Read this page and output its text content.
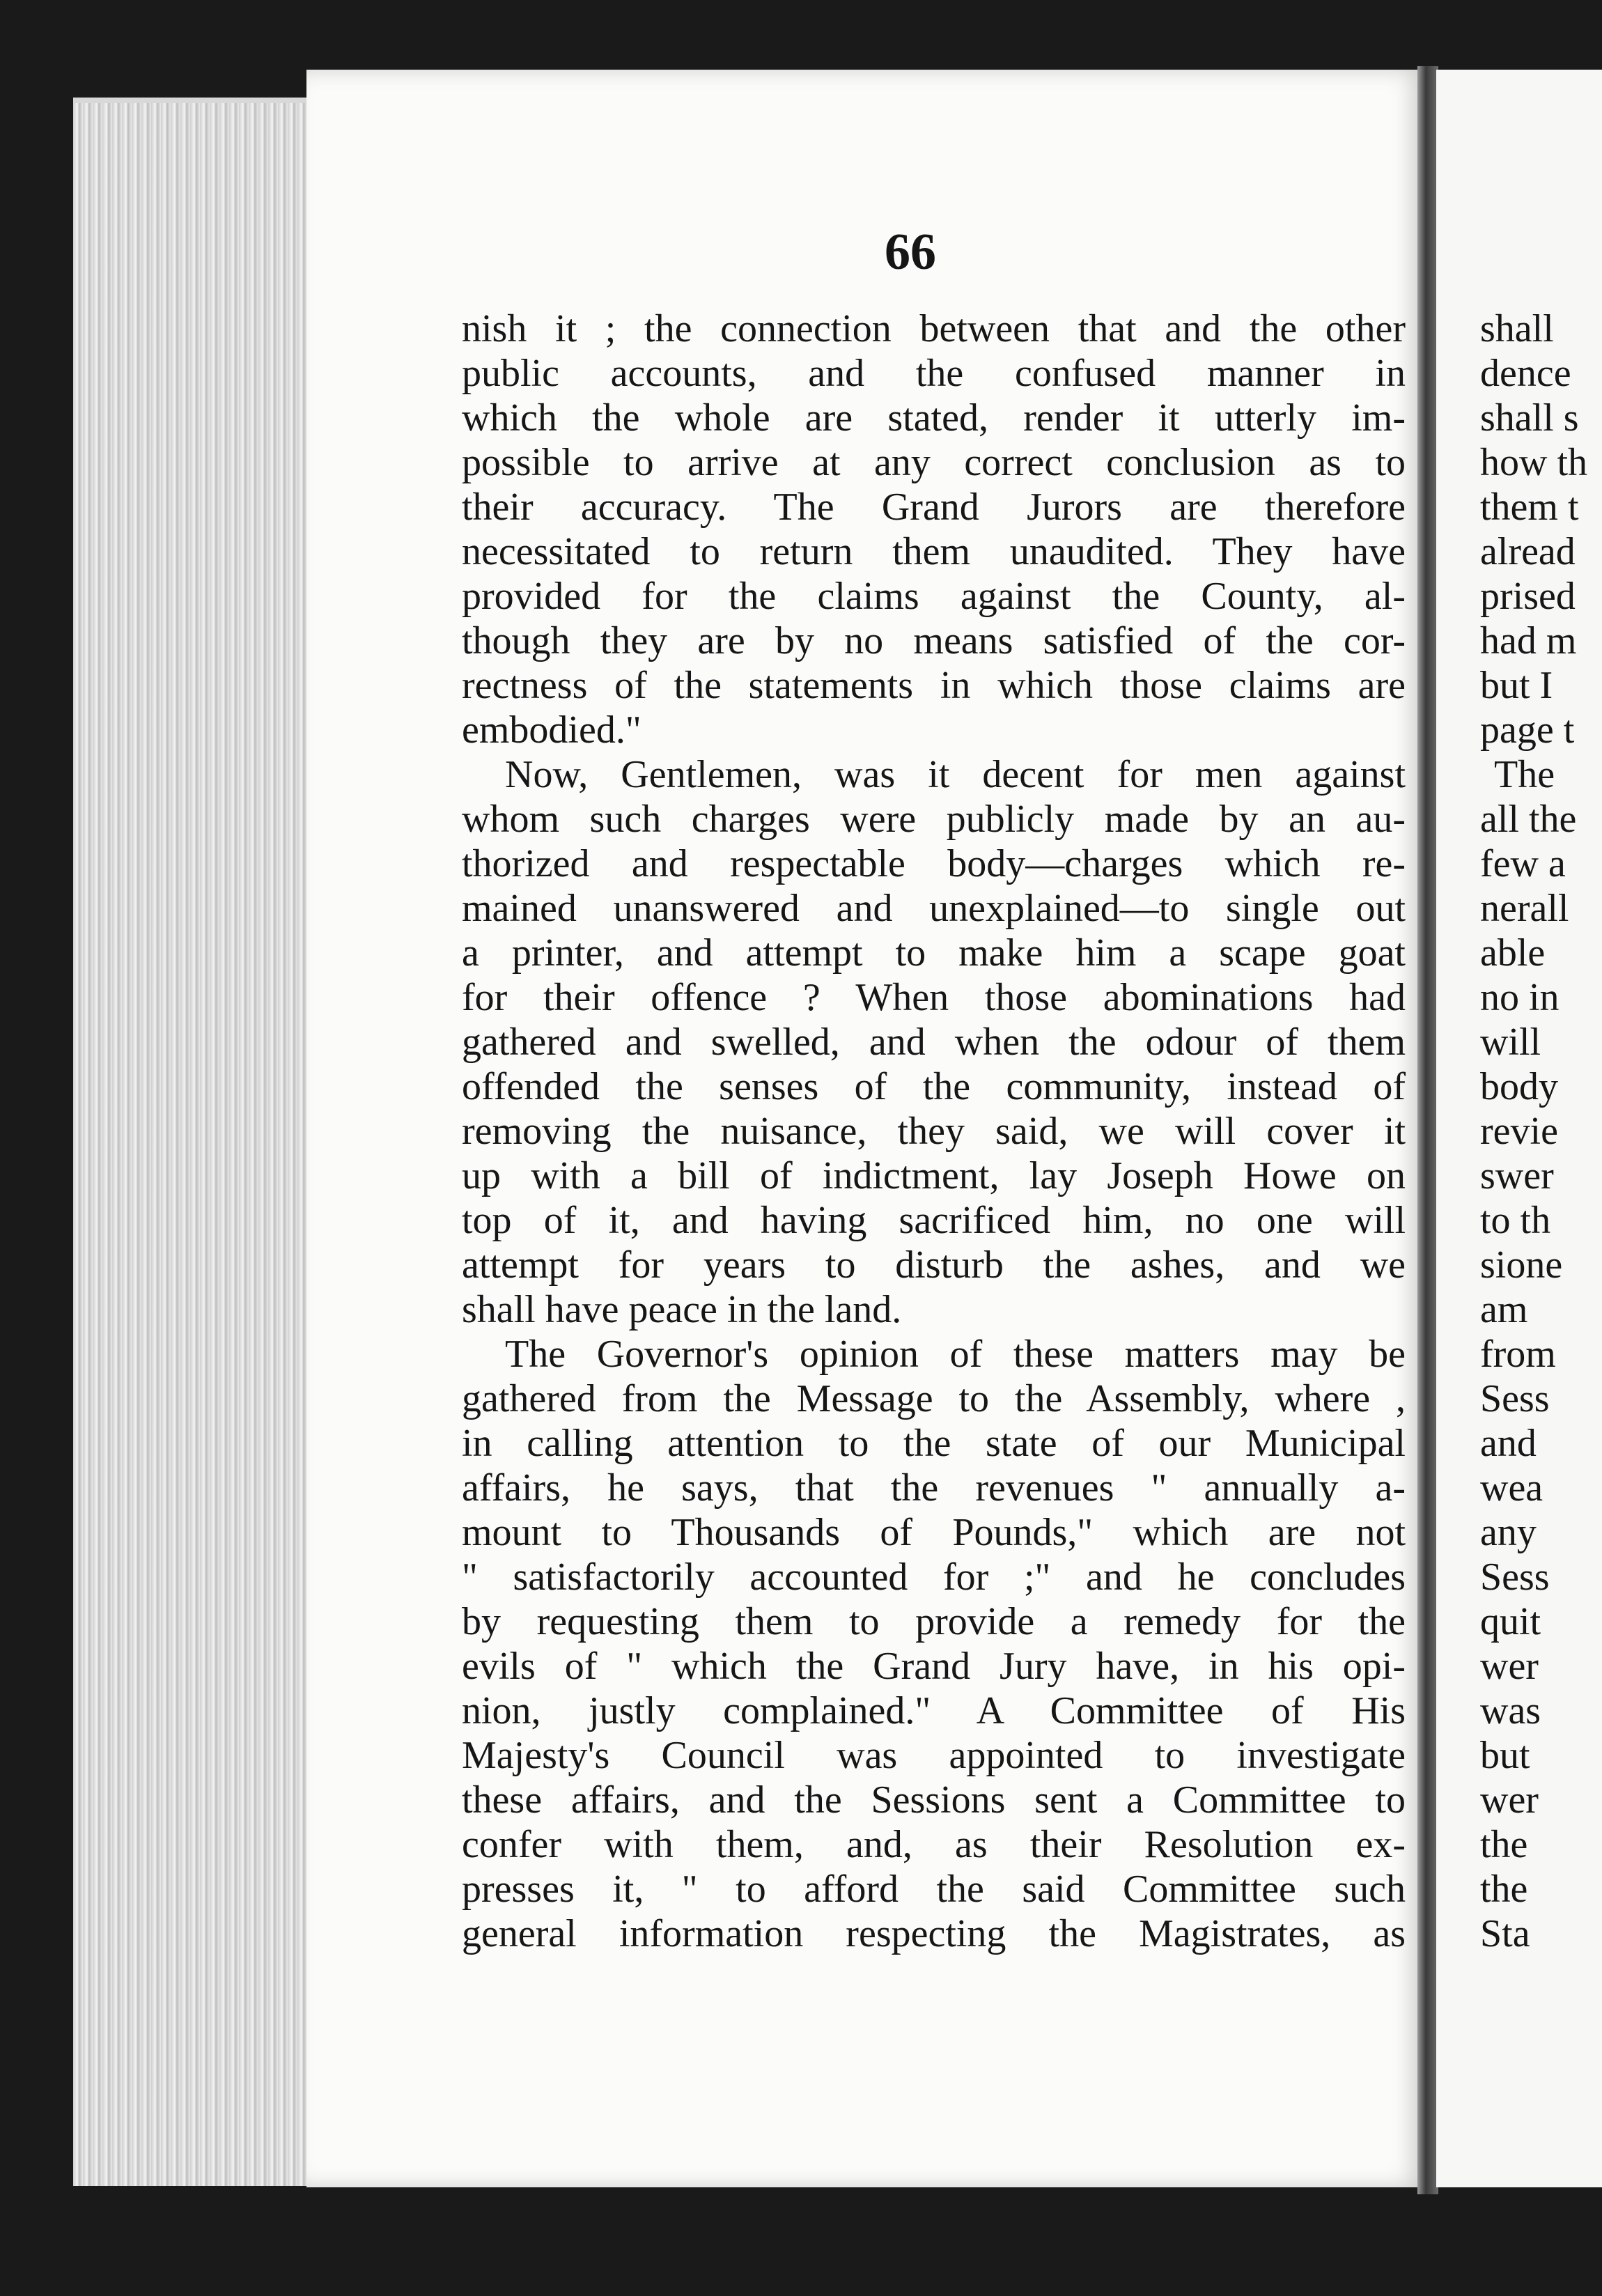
66
nish it ; the connection between that and the other
public accounts, and the confused manner in
which the whole are stated, render it utterly im-
possible to arrive at any correct conclusion as to
their accuracy. The Grand Jurors are therefore
necessitated to return them unaudited. They have
provided for the claims against the County, al-
though they are by no means satisfied of the cor-
rectness of the statements in which those claims are
embodied."
Now, Gentlemen, was it decent for men against
whom such charges were publicly made by an au-
thorized and respectable body—charges which re-
mained unanswered and unexplained—to single out
a printer, and attempt to make him a scape goat
for their offence ? When those abominations had
gathered and swelled, and when the odour of them
offended the senses of the community, instead of
removing the nuisance, they said, we will cover it
up with a bill of indictment, lay Joseph Howe on
top of it, and having sacrificed him, no one will
attempt for years to disturb the ashes, and we
shall have peace in the land.
The Governor's opinion of these matters may be
gathered from the Message to the Assembly, where ,
in calling attention to the state of our Municipal
affairs, he says, that the revenues " annually a-
mount to Thousands of Pounds," which are not
" satisfactorily accounted for ;" and he concludes
by requesting them to provide a remedy for the
evils of " which the Grand Jury have, in his opi-
nion, justly complained." A Committee of His
Majesty's Council was appointed to investigate
these affairs, and the Sessions sent a Committee to
confer with them, and, as their Resolution ex-
presses it, " to afford the said Committee such
general information respecting the Magistrates, as
shall
dence
shall s
how th
them t
alread
prised
had m
but I
page t
The
all the
few a
nerall
able
no in
will
body
revie
swer
to th
sione
am
from
Sess
and
wea
any
Sess
quit
wer
was
but
wer
the
the
Sta
